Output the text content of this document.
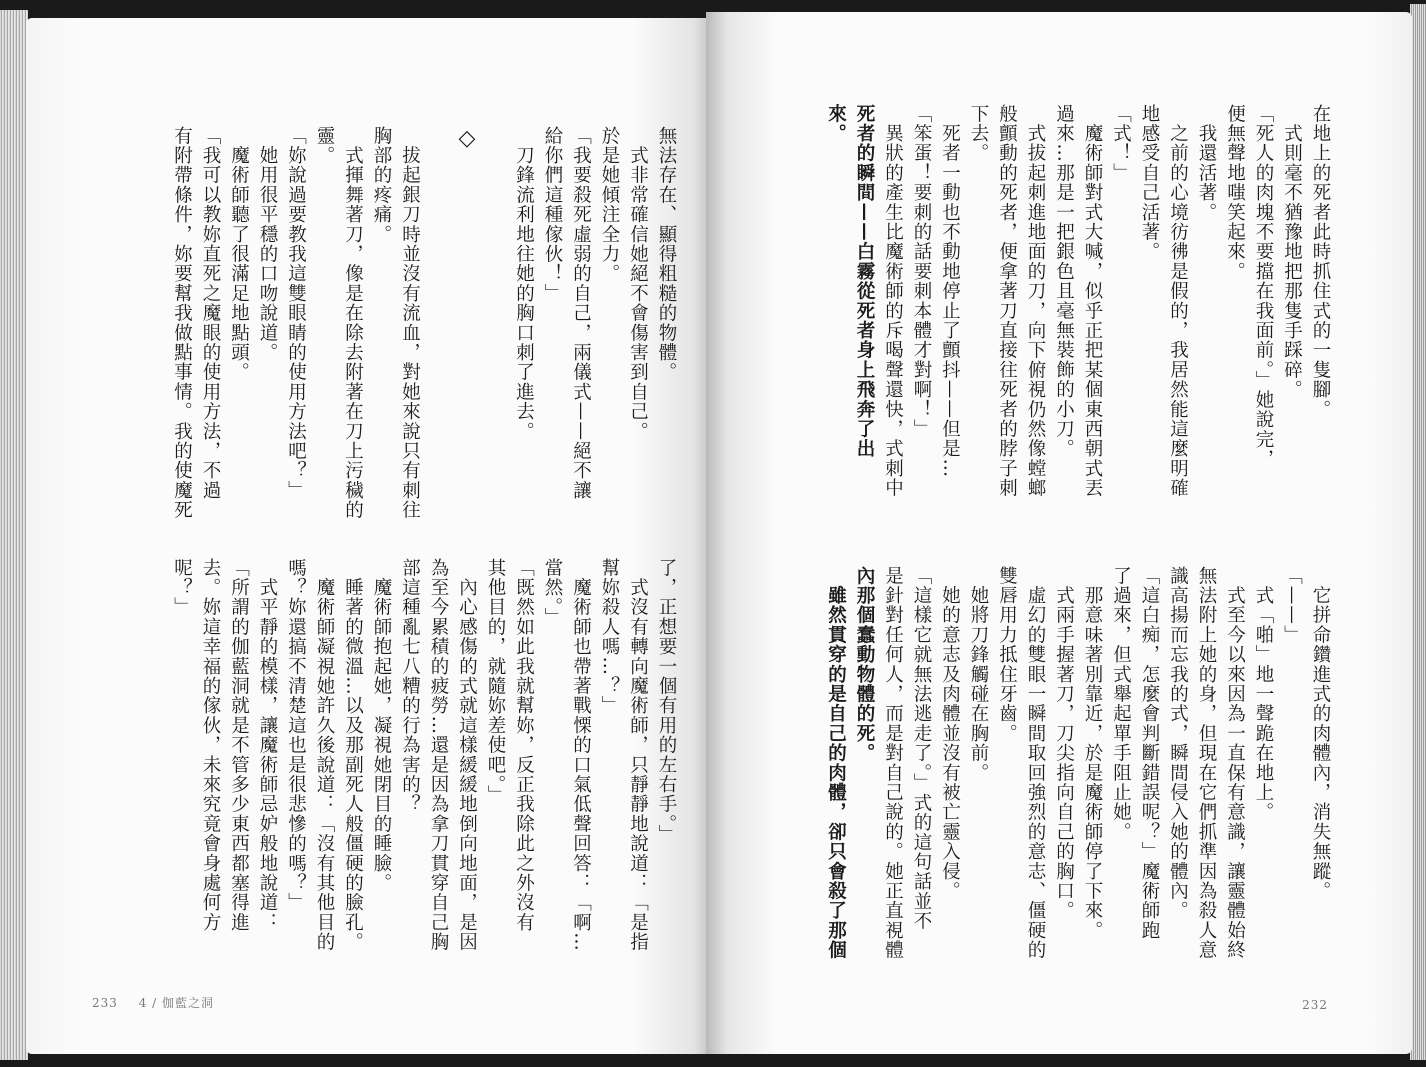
無法存在、顯得粗糙的物體。

　式非常確信她絕不會傷害到自己。

於是她傾注全力。

「我要殺死虛弱的自己，兩儀式——絕不讓

給你們這種傢伙！」

　刀鋒流利地往她的胸口刺了進去。

◇

　拔起銀刀時並沒有流血，對她來說只有刺往

胸部的疼痛。

　式揮舞著刀，像是在除去附著在刀上污穢的

靈。

「妳說過要教我這雙眼睛的使用方法吧？」

　她用很平穩的口吻說道。

　魔術師聽了很滿足地點頭。

「我可以教妳直死之魔眼的使用方法，不過

有附帶條件，妳要幫我做點事情。我的使魔死

了，正想要一個有用的左右手。」

　式沒有轉向魔術師，只靜靜地說道：「是指

幫妳殺人嗎…？」

　魔術師也帶著戰慄的口氣低聲回答：「啊…

當然。」

「既然如此我就幫妳，反正我除此之外沒有

其他目的，就隨妳差使吧。」

　內心感傷的式就這樣緩緩地倒向地面，是因

為至今累積的疲勞…還是因為拿刀貫穿自己胸

部這種亂七八糟的行為害的？

　魔術師抱起她，凝視她閉目的睡臉。

　睡著的微溫…以及那副死人般僵硬的臉孔。

　魔術師凝視她許久後說道：「沒有其他目的

嗎？妳還搞不清楚這也是很悲慘的嗎？」

　式平靜的模樣，讓魔術師忌妒般地說道：

「所謂的伽藍洞就是不管多少東西都塞得進

去。妳這幸福的傢伙，未來究竟會身處何方

呢？」

233 4 / 伽藍之洞

在地上的死者此時抓住式的一隻腳。

　式則毫不猶豫地把那隻手踩碎。

「死人的肉塊不要擋在我面前。」她說完，

便無聲地嗤笑起來。

　我還活著。

　之前的心境彷彿是假的，我居然能這麼明確

地感受自己活著。

「式！」

　魔術師對式大喊，似乎正把某個東西朝式丟

過來…那是一把銀色且毫無裝飾的小刀。

　式拔起刺進地面的刀，向下俯視仍然像螳螂

般顫動的死者，便拿著刀直接往死者的脖子刺

下去。

　死者一動也不動地停止了顫抖——但是…

「笨蛋！要刺的話要刺本體才對啊！」

　異狀的產生比魔術師的斥喝聲還快，式刺中

死者的瞬間——白霧從死者身上飛奔了出

來。

　它拼命鑽進式的肉體內，消失無蹤。

「——」

　式「啪」地一聲跪在地上。

　式至今以來因為一直保有意識，讓靈體始終

無法附上她的身，但現在它們抓準因為殺人意

識高揚而忘我的式，瞬間侵入她的體內。

「這白痴，怎麼會判斷錯誤呢？」魔術師跑

了過來，但式舉起單手阻止她。

　那意味著別靠近，於是魔術師停了下來。

　式兩手握著刀，刀尖指向自己的胸口。

　虛幻的雙眼一瞬間取回強烈的意志、僵硬的

雙唇用力抵住牙齒。

　她將刀鋒觸碰在胸前。

　她的意志及肉體並沒有被亡靈入侵。

「這樣它就無法逃走了。」式的這句話並不

是針對任何人，而是對自己說的。她正直視體

內那個蠢動物體的死。

　雖然貫穿的是自己的肉體，卻只會殺了那個

232
